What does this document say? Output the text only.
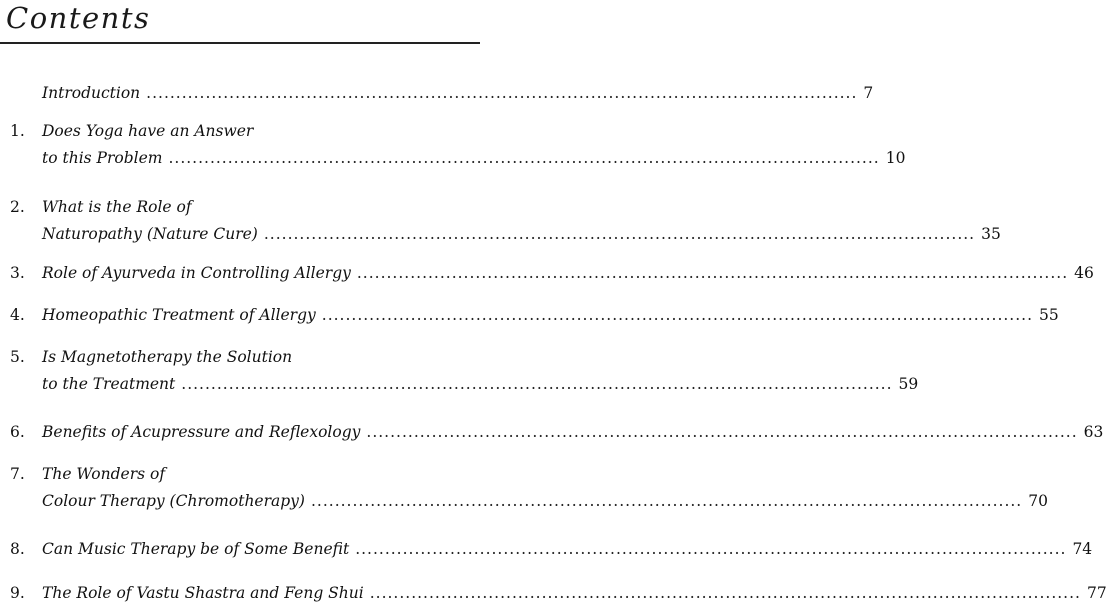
Contents
Introduction ........................................................................................................................ 7
1. Does Yoga have an Answer
to this Problem ........................................................................................................................ 10
2. What is the Role of
Naturopathy (Nature Cure) ........................................................................................................................ 35
3. Role of Ayurveda in Controlling Allergy ........................................................................................................................ 46
4. Homeopathic Treatment of Allergy ........................................................................................................................ 55
5. Is Magnetotherapy the Solution
to the Treatment ........................................................................................................................ 59
6. Benefits of Acupressure and Reflexology ........................................................................................................................ 63
7. The Wonders of
Colour Therapy (Chromotherapy) ........................................................................................................................ 70
8. Can Music Therapy be of Some Benefit ........................................................................................................................ 74
9. The Role of Vastu Shastra and Feng Shui ........................................................................................................................ 77
